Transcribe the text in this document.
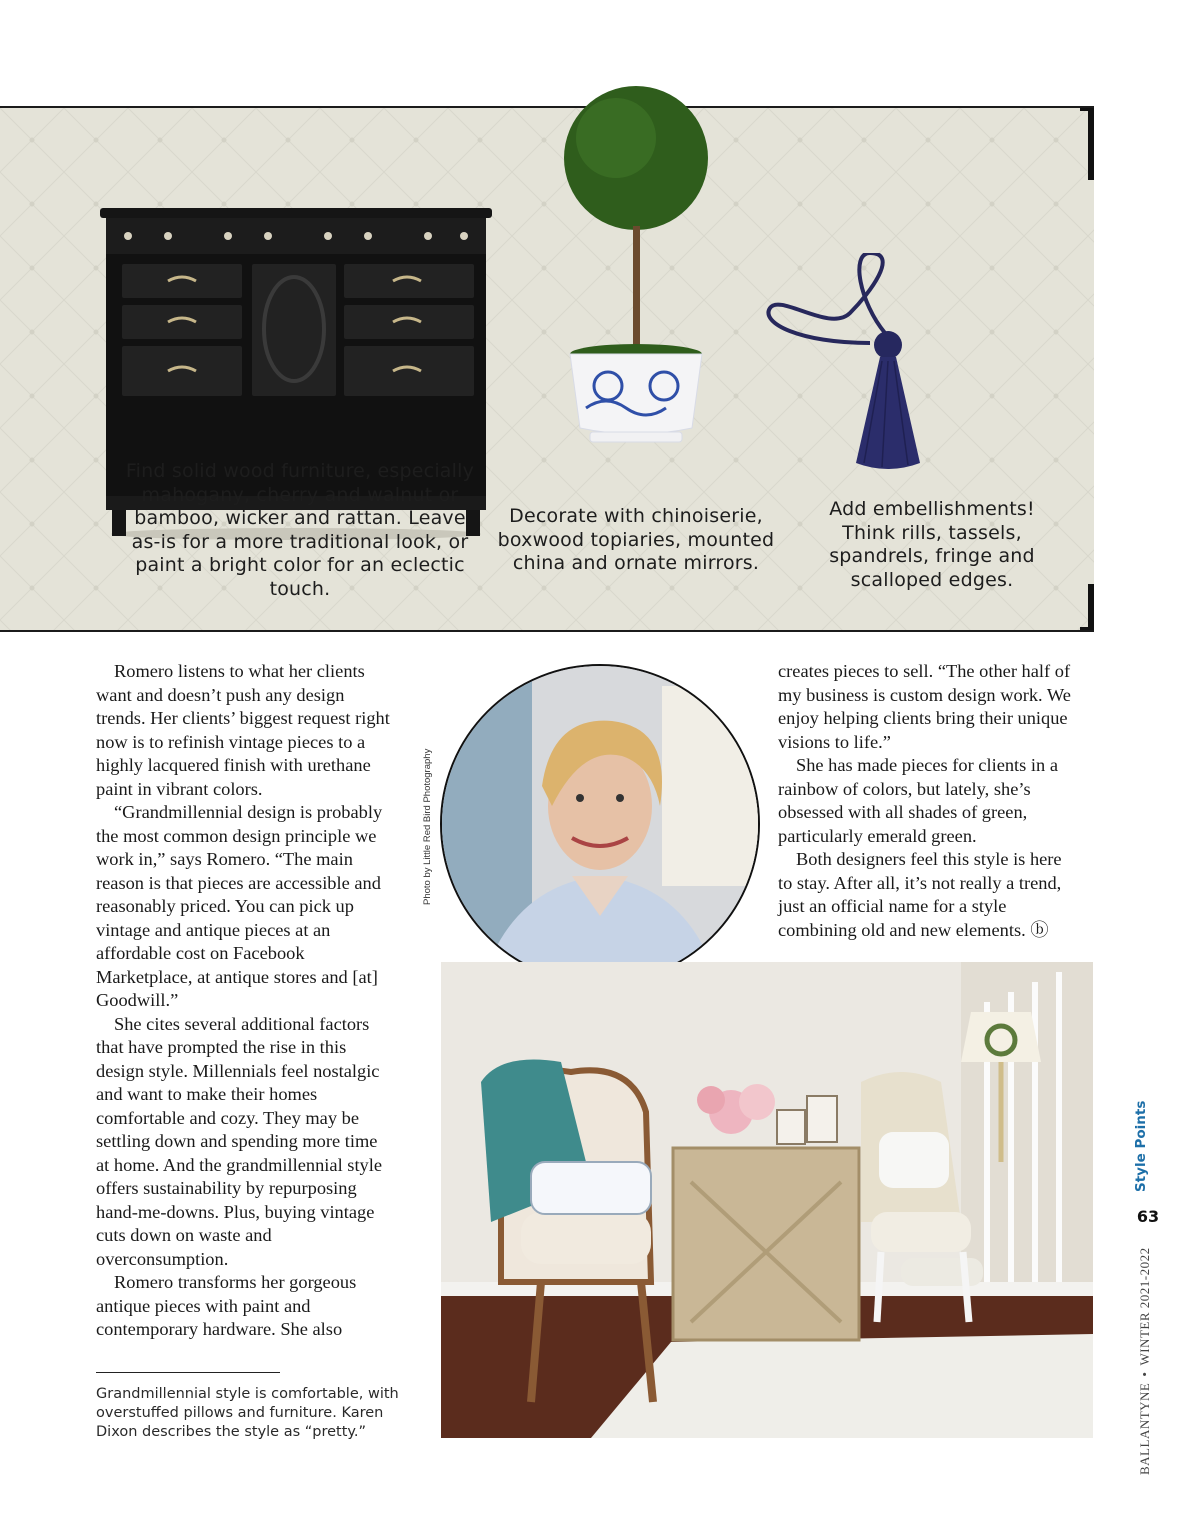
Find solid wood furniture, especially mahogany, cherry and walnut or bamboo, wicker and rattan. Leave as-is for a more traditional look, or paint a bright color for an eclectic touch.
Decorate with chinoiserie, boxwood topiaries, mounted china and ornate mirrors.
Add embellishments! Think rills, tassels, spandrels, fringe and scalloped edges.

Romero listens to what her clients want and doesn’t push any design trends. Her clients’ biggest request right now is to refinish vintage pieces to a highly lacquered finish with urethane paint in vibrant colors.

“Grandmillennial design is probably the most common design principle we work in,” says Romero. “The main reason is that pieces are accessible and reasonably priced. You can pick up vintage and antique pieces at an affordable cost on Facebook Marketplace, at antique stores and [at] Goodwill.”

She cites several additional factors that have prompted the rise in this design style. Millennials feel nostalgic and want to make their homes comfortable and cozy. They may be settling down and spending more time at home. And the grandmillennial style offers sustainability by repurposing hand-me-downs. Plus, buying vintage cuts down on waste and overconsumption.

Romero transforms her gorgeous antique pieces with paint and contemporary hardware. She also

Photo by Little Red Bird Photography

creates pieces to sell. “The other half of my business is custom design work. We enjoy helping clients bring their unique visions to life.”

She has made pieces for clients in a rainbow of colors, but lately, she’s obsessed with all shades of green, particularly emerald green.

Both designers feel this style is here to stay. After all, it’s not really a trend, just an official name for a style combining old and new elements. ⓑ

Grandmillennial style is comfortable, with overstuffed pillows and furniture. Karen Dixon describes the style as “pretty.”
Style Points
63
BALLANTYNE•WINTER 2021-2022
